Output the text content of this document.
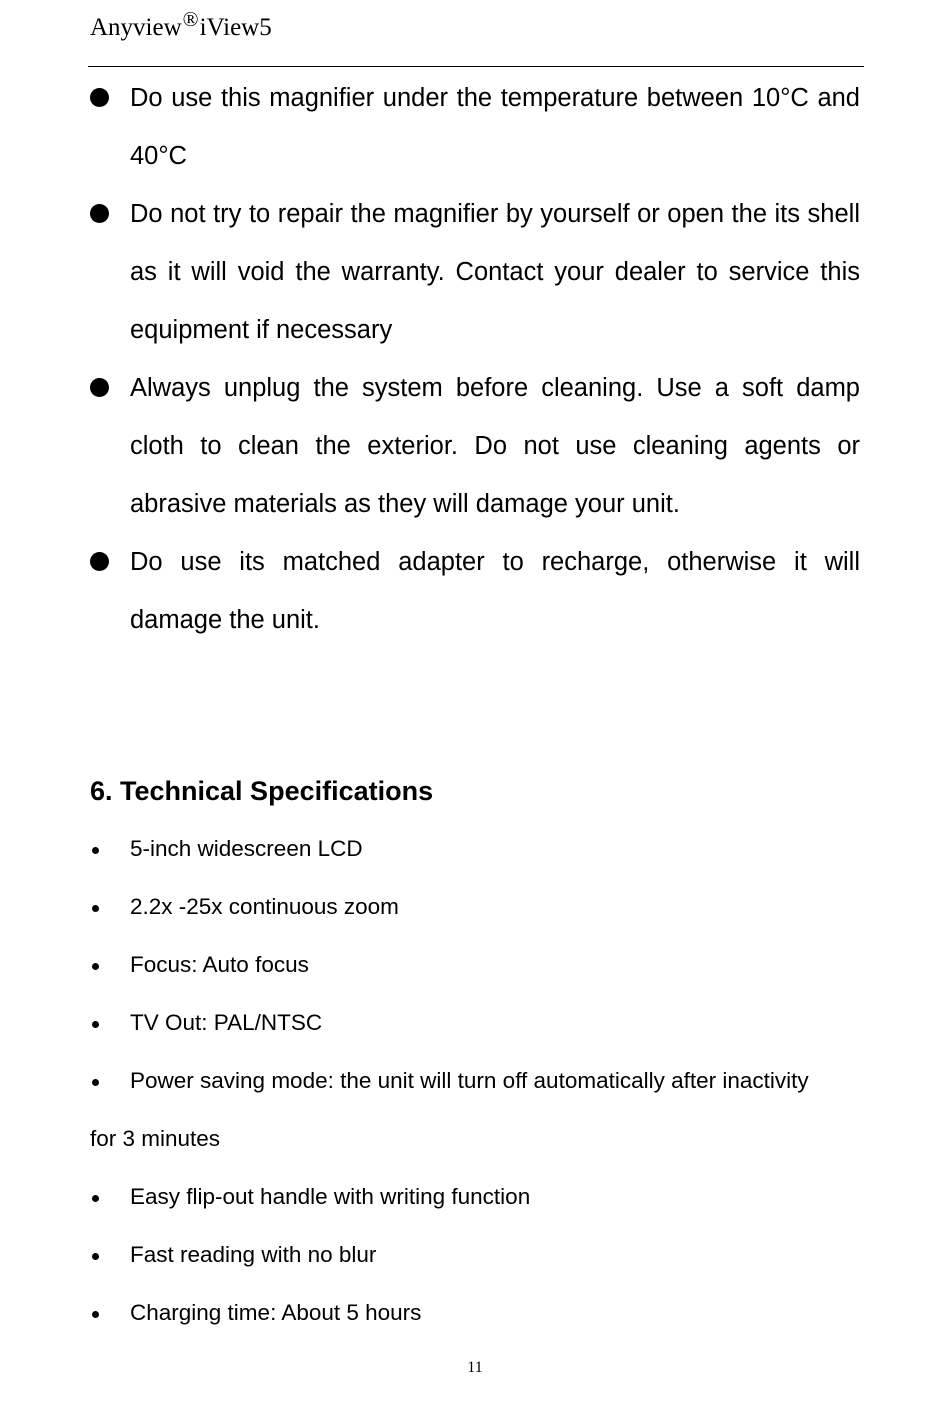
Anyview®iView5
Do use this magnifier under the temperature between 10°C and 40°C
Do not try to repair the magnifier by yourself or open the its shell as it will void the warranty. Contact your dealer to service this equipment if necessary
Always unplug the system before cleaning. Use a soft damp cloth to clean the exterior. Do not use cleaning agents or abrasive materials as they will damage your unit.
Do use its matched adapter to recharge, otherwise it will damage the unit.
6. Technical Specifications
5-inch widescreen LCD
2.2x -25x continuous zoom
Focus: Auto focus
TV Out: PAL/NTSC
Power saving mode: the unit will turn off automatically after inactivity
for 3 minutes
Easy flip-out handle with writing function
Fast reading with no blur
Charging time: About 5 hours
11
